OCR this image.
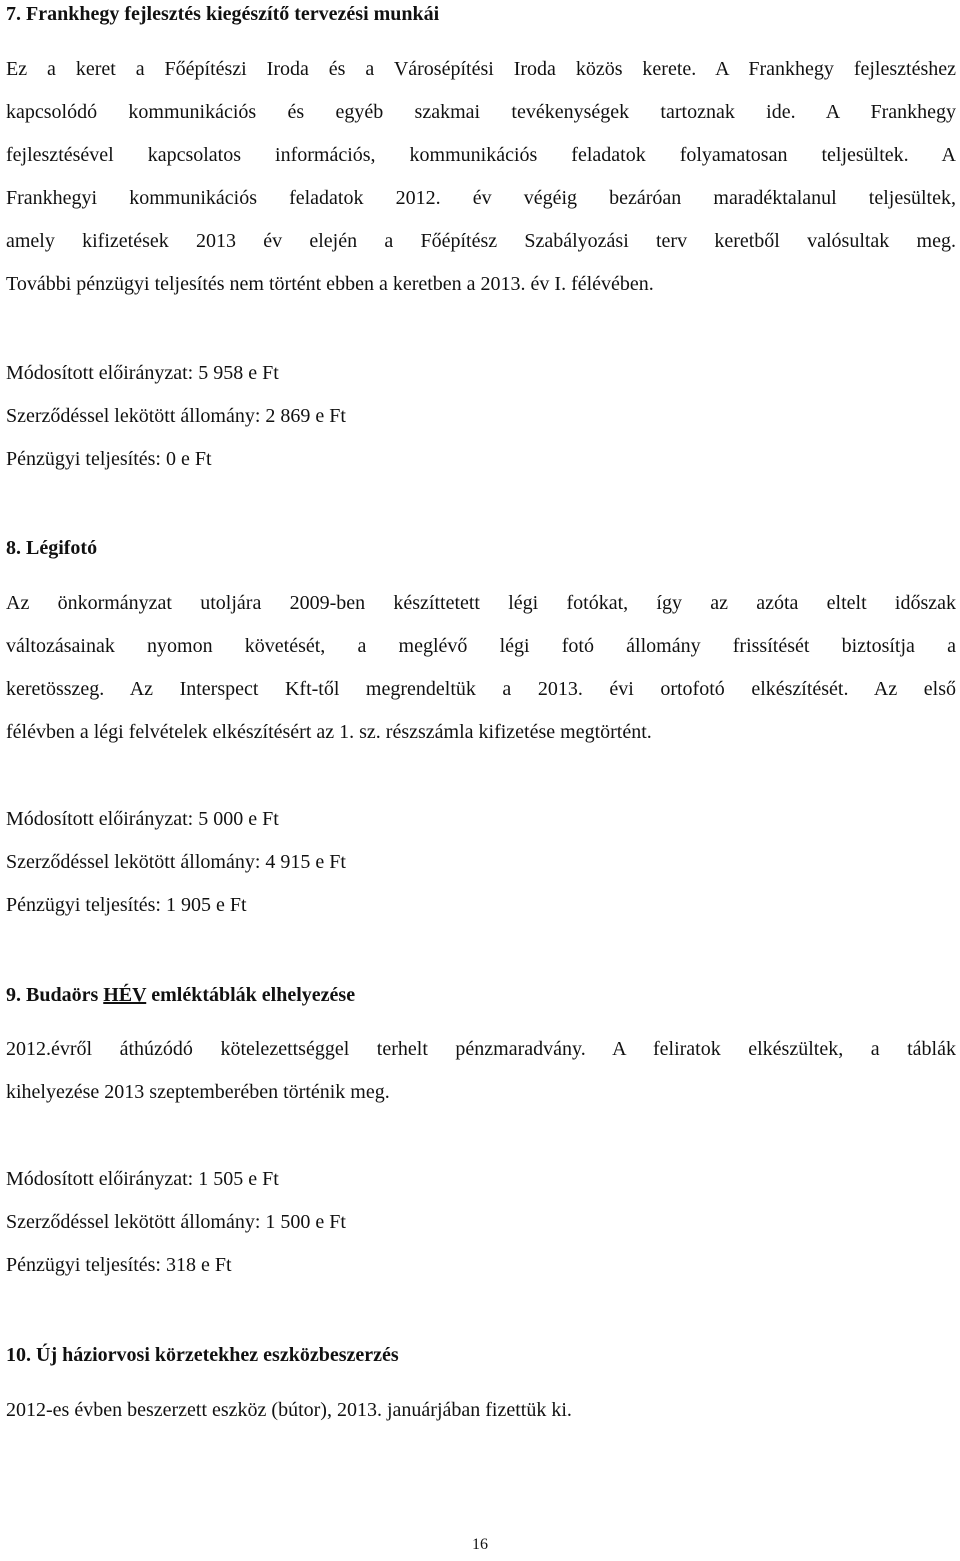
7. Frankhegy fejlesztés kiegészítő tervezési munkái
Ez a keret a Főépítészi Iroda és a Városépítési Iroda közös kerete. A Frankhegy fejlesztéshez
kapcsolódó kommunikációs és egyéb szakmai tevékenységek tartoznak ide. A Frankhegy
fejlesztésével kapcsolatos információs, kommunikációs feladatok folyamatosan teljesültek. A
Frankhegyi kommunikációs feladatok 2012. év végéig bezáróan maradéktalanul teljesültek,
amely kifizetések 2013 év elején a Főépítész Szabályozási terv keretből valósultak meg.
További pénzügyi teljesítés nem történt ebben a keretben a 2013. év I. félévében.
Módosított előirányzat: 5 958 e Ft
Szerződéssel lekötött állomány: 2 869 e Ft
Pénzügyi teljesítés: 0 e Ft
8. Légifotó
Az önkormányzat utoljára 2009-ben készíttetett légi fotókat, így az azóta eltelt időszak
változásainak nyomon követését, a meglévő légi fotó állomány frissítését biztosítja a
keretösszeg. Az Interspect Kft-től megrendeltük a 2013. évi ortofotó elkészítését. Az első
félévben a légi felvételek elkészítésért az 1. sz. részszámla kifizetése megtörtént.
Módosított előirányzat: 5 000 e Ft
Szerződéssel lekötött állomány: 4 915 e Ft
Pénzügyi teljesítés: 1 905 e Ft
9. Budaörs HÉV emléktáblák elhelyezése
2012.évről áthúzódó kötelezettséggel terhelt pénzmaradvány. A feliratok elkészültek, a táblák
kihelyezése 2013 szeptemberében történik meg.
Módosított előirányzat: 1 505 e Ft
Szerződéssel lekötött állomány: 1 500 e Ft
Pénzügyi teljesítés: 318 e Ft
10. Új háziorvosi körzetekhez eszközbeszerzés
2012-es évben beszerzett eszköz (bútor), 2013. januárjában fizettük ki.
16
